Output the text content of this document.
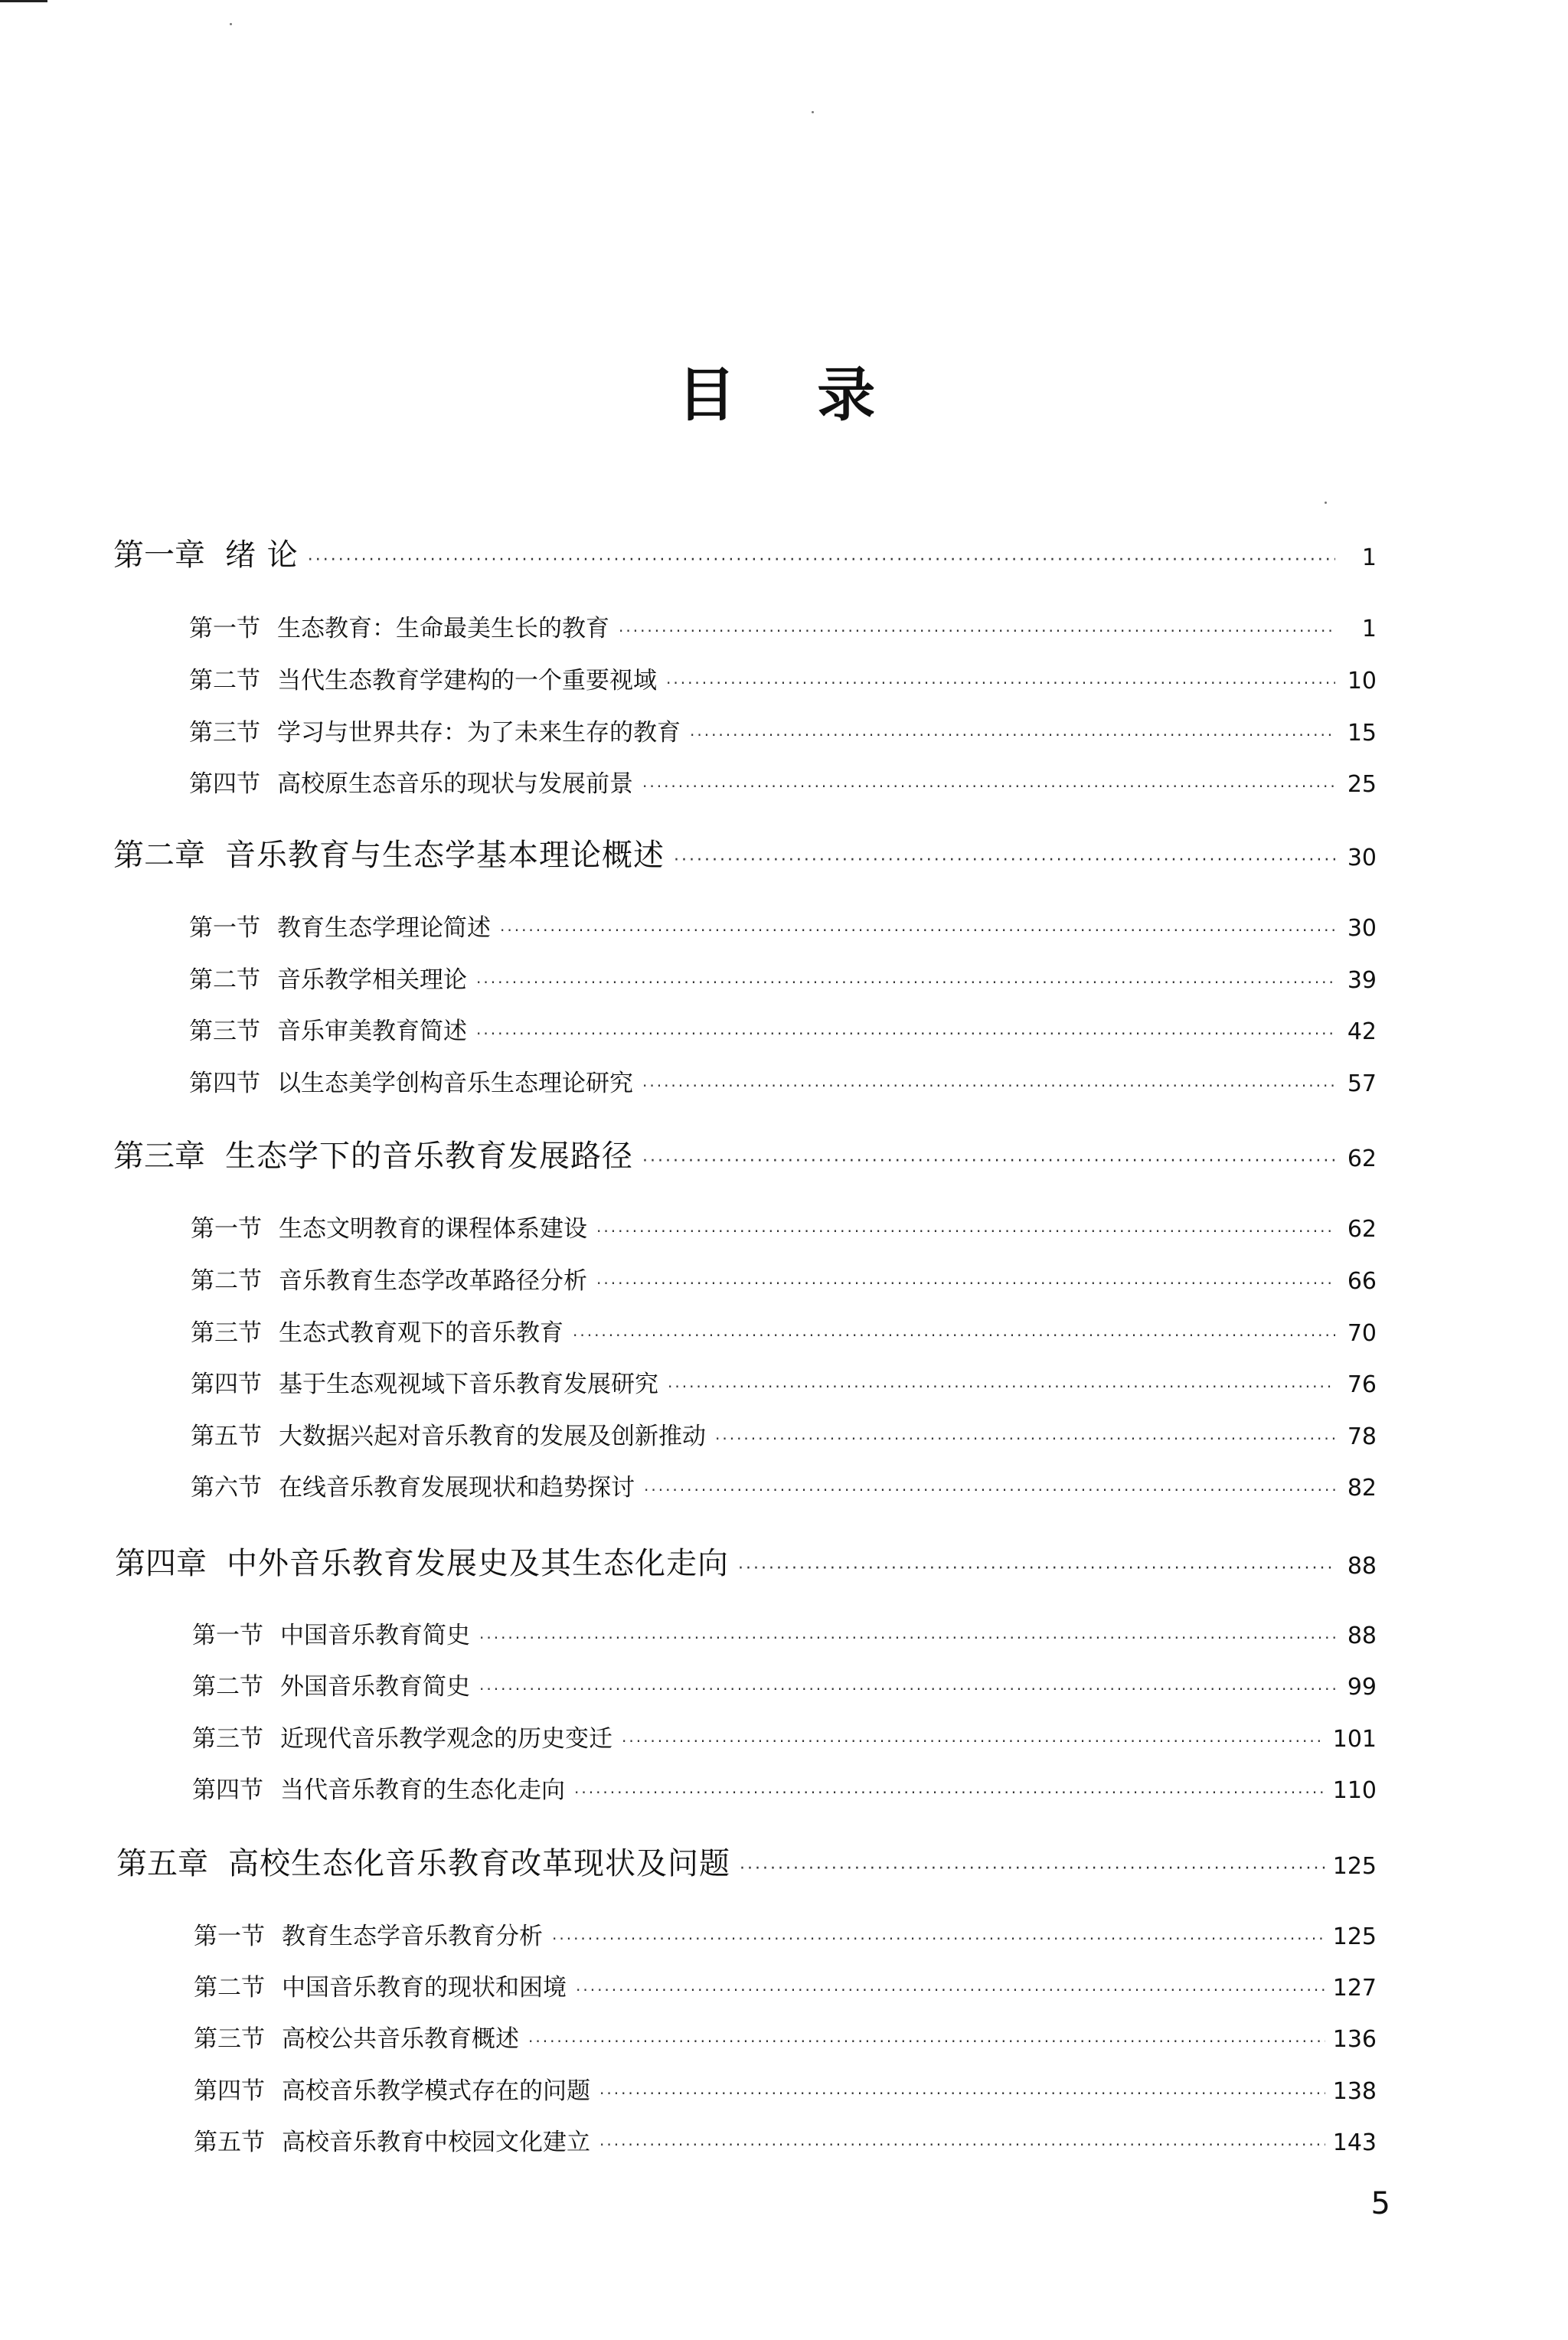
目 录
第一章 绪 论 ·····	1
第一节 生态教育：生命最美生长的教育 ·····	1
第二节 当代生态教育学建构的一个重要视域 ·····	10
第三节 学习与世界共存：为了未来生存的教育 ·····	15
第四节 高校原生态音乐的现状与发展前景 ·····	25
第二章 音乐教育与生态学基本理论概述 ·····	30
第一节 教育生态学理论简述 ·····	30
第二节 音乐教学相关理论 ·····	39
第三节 音乐审美教育简述 ·····	42
第四节 以生态美学创构音乐生态理论研究 ·····	57
第三章 生态学下的音乐教育发展路径 ·····	62
第一节 生态文明教育的课程体系建设 ·····	62
第二节 音乐教育生态学改革路径分析 ·····	66
第三节 生态式教育观下的音乐教育 ·····	70
第四节 基于生态观视域下音乐教育发展研究 ·····	76
第五节 大数据兴起对音乐教育的发展及创新推动 ·····	78
第六节 在线音乐教育发展现状和趋势探讨 ·····	82
第四章 中外音乐教育发展史及其生态化走向 ·····	88
第一节 中国音乐教育简史 ·····	88
第二节 外国音乐教育简史 ·····	99
第三节 近现代音乐教学观念的历史变迁 ·····	101
第四节 当代音乐教育的生态化走向 ·····	110
第五章 高校生态化音乐教育改革现状及问题 ·····	125
第一节 教育生态学音乐教育分析 ·····	125
第二节 中国音乐教育的现状和困境 ·····	127
第三节 高校公共音乐教育概述 ·····	136
第四节 高校音乐教学模式存在的问题 ·····	138
第五节 高校音乐教育中校园文化建立 ·····	143
5
